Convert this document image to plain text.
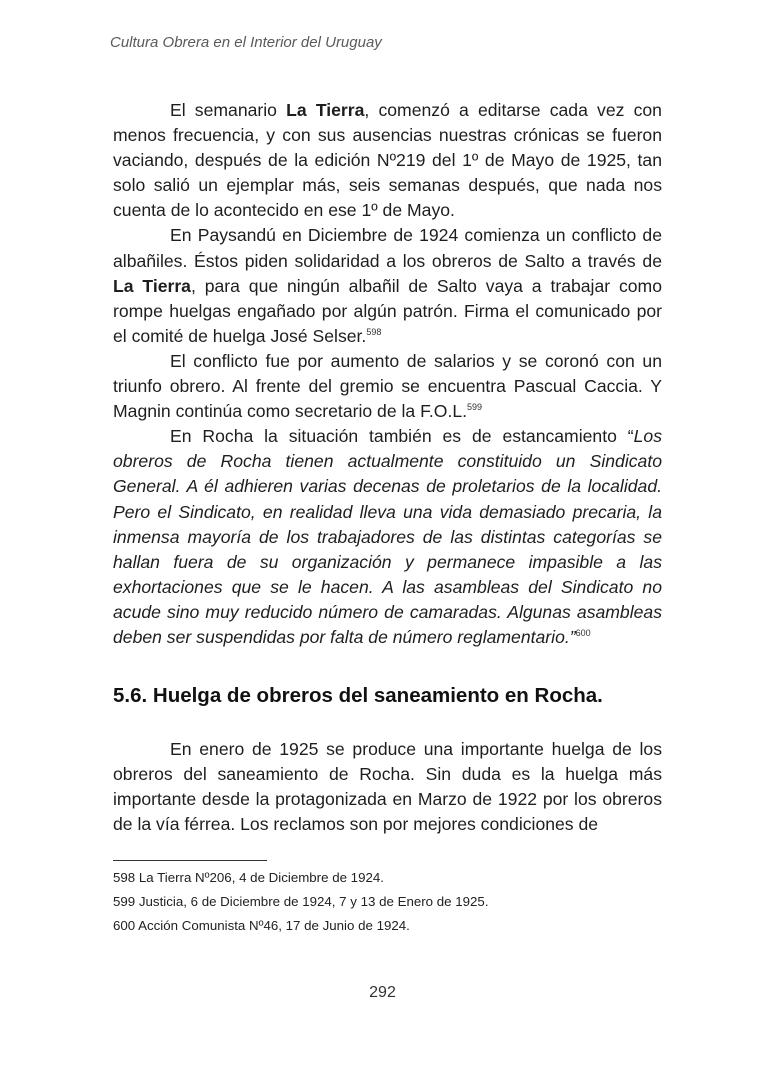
Cultura Obrera en el Interior del Uruguay

El semanario La Tierra, comenzó a editarse cada vez con menos frecuencia, y con sus ausencias nuestras crónicas se fueron vaciando, después de la edición Nº219 del 1º de Mayo de 1925, tan solo salió un ejemplar más, seis semanas después, que nada nos cuenta de lo acontecido en ese 1º de Mayo.

En Paysandú en Diciembre de 1924 comienza un conflicto de albañiles. Éstos piden solidaridad a los obreros de Salto a través de La Tierra, para que ningún albañil de Salto vaya a trabajar como rompe huelgas engañado por algún patrón. Firma el comunicado por el comité de huelga José Selser.$^{598}$

El conflicto fue por aumento de salarios y se coronó con un triunfo obrero. Al frente del gremio se encuentra Pascual Caccia. Y Magnin continúa como secretario de la F.O.L.$^{599}$

En Rocha la situación también es de estancamiento “Los obreros de Rocha tienen actualmente constituido un Sindicato General. A él adhieren varias decenas de proletarios de la localidad. Pero el Sindicato, en realidad lleva una vida demasiado precaria, la inmensa mayoría de los trabajadores de las distintas categorías se hallan fuera de su organización y permanece impasible a las exhortaciones que se le hacen. A las asambleas del Sindicato no acude sino muy reducido número de camaradas. Algunas asambleas deben ser suspendidas por falta de número reglamentario.”$^{600}$

5.6. Huelga de obreros del saneamiento en Rocha.

En enero de 1925 se produce una importante huelga de los obreros del saneamiento de Rocha. Sin duda es la huelga más importante desde la protagonizada en Marzo de 1922 por los obreros de la vía férrea. Los reclamos son por mejores condiciones de

598 La Tierra Nº206, 4 de Diciembre de 1924.
599 Justicia, 6 de Diciembre de 1924, 7 y 13 de Enero de 1925.
600 Acción Comunista Nº46, 17 de Junio de 1924.
292
